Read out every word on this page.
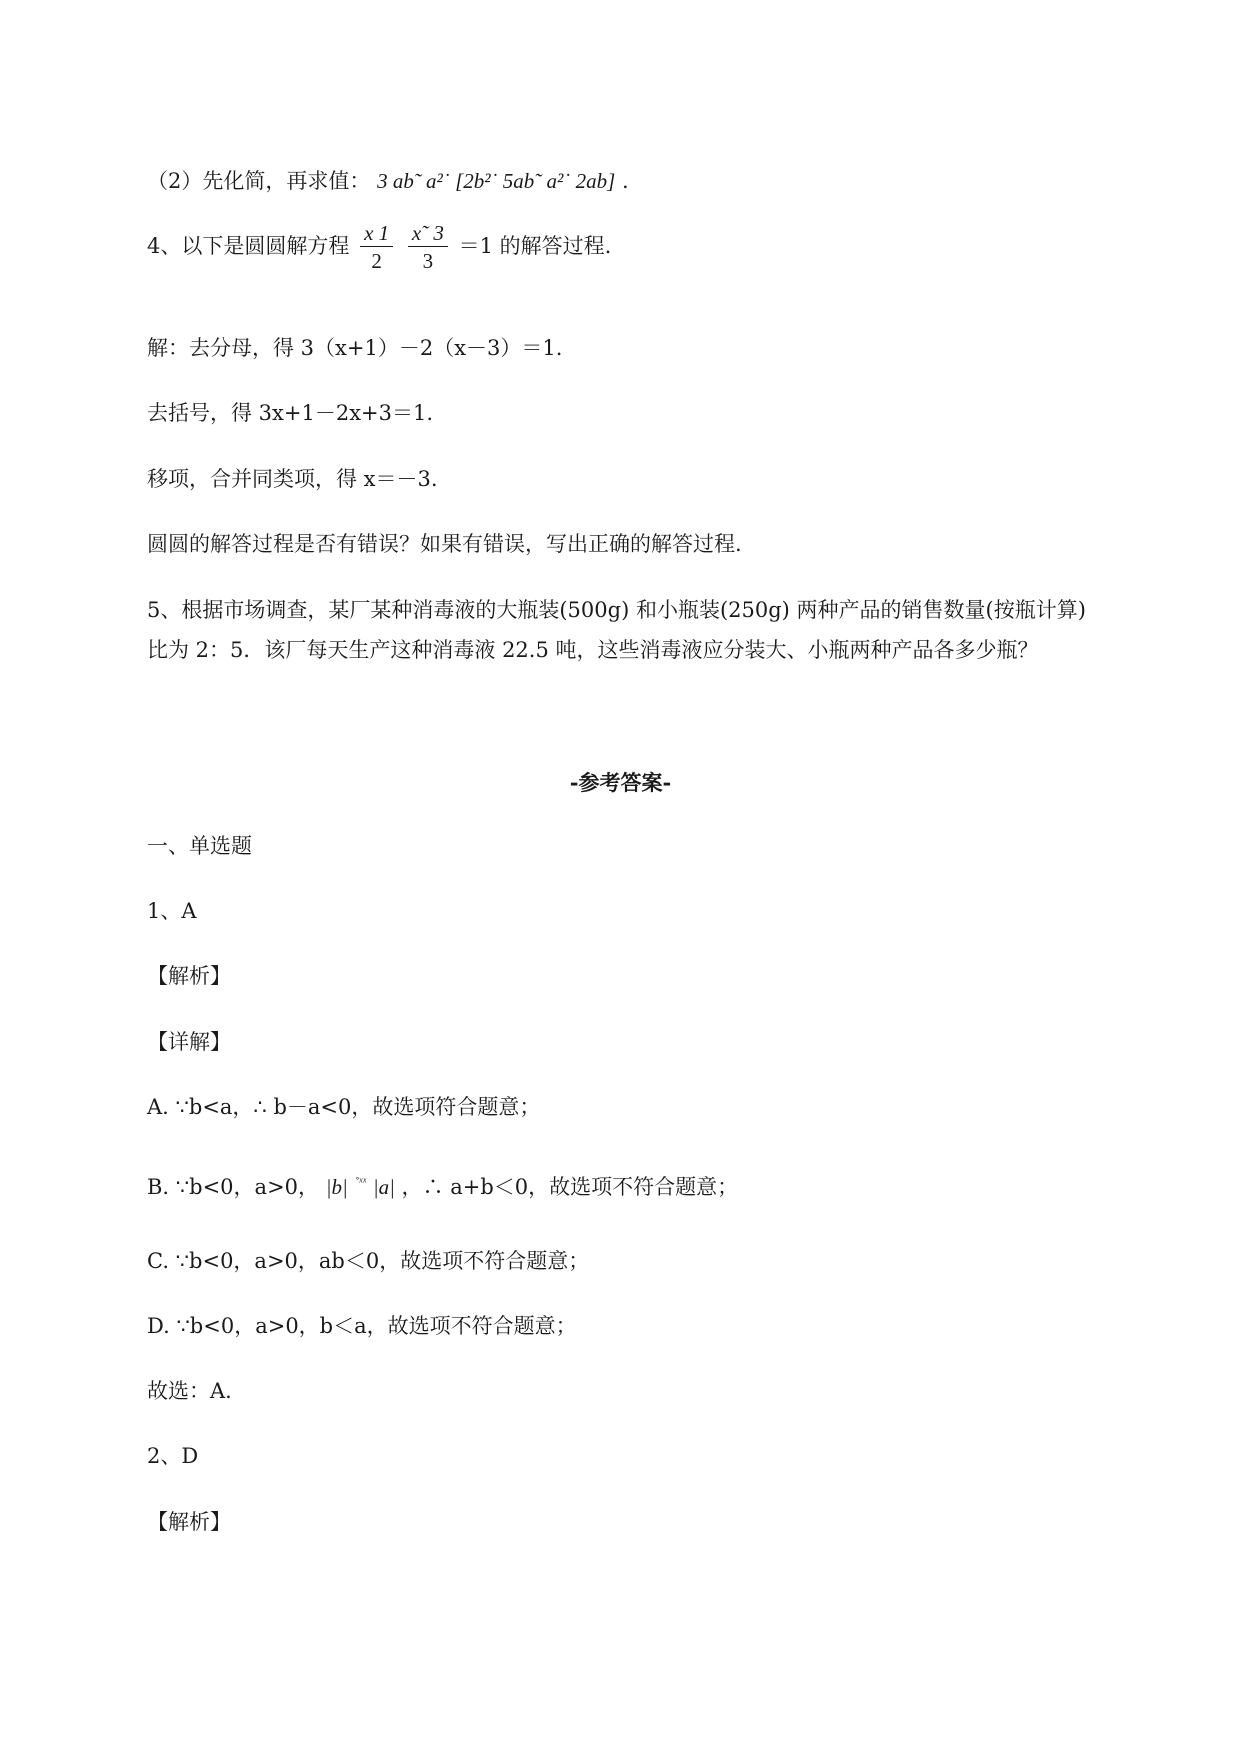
（2）先化简，再求值： 3 ab˜ a²˙ [2b²˙ 5ab˜ a²˙ 2ab] .
4、以下是圆圆解方程 $\frac{x 1}{2}$
$\frac{x˜ 3}{3} =1$ 的解答过程.
解：去分母，得 3（x+1）－2（x－3）＝1.
去括号，得 3x+1－2x+3＝1.
移项，合并同类项，得 x＝－3.
圆圆的解答过程是否有错误？如果有错误，写出正确的解答过程.
5、根据市场调查，某厂某种消毒液的大瓶装(500g) 和小瓶装(250g) 两种产品的销售数量(按瓶计算)
比为 2：5．该厂每天生产这种消毒液 22.5 吨，这些消毒液应分装大、小瓶两种产品各多少瓶？
-参考答案-
一、单选题
1、A
【解析】
【详解】
A. ∵b<a，∴ b－a<0，故选项符合题意；
B. ∵b<0，a>0， |b| $^{˚ˣˣ}$ |a| ，∴ a+b＜0，故选项不符合题意；
C. ∵b<0，a>0，ab＜0，故选项不符合题意；
D. ∵b<0，a>0，b＜a，故选项不符合题意；
故选：A.
2、D
【解析】
